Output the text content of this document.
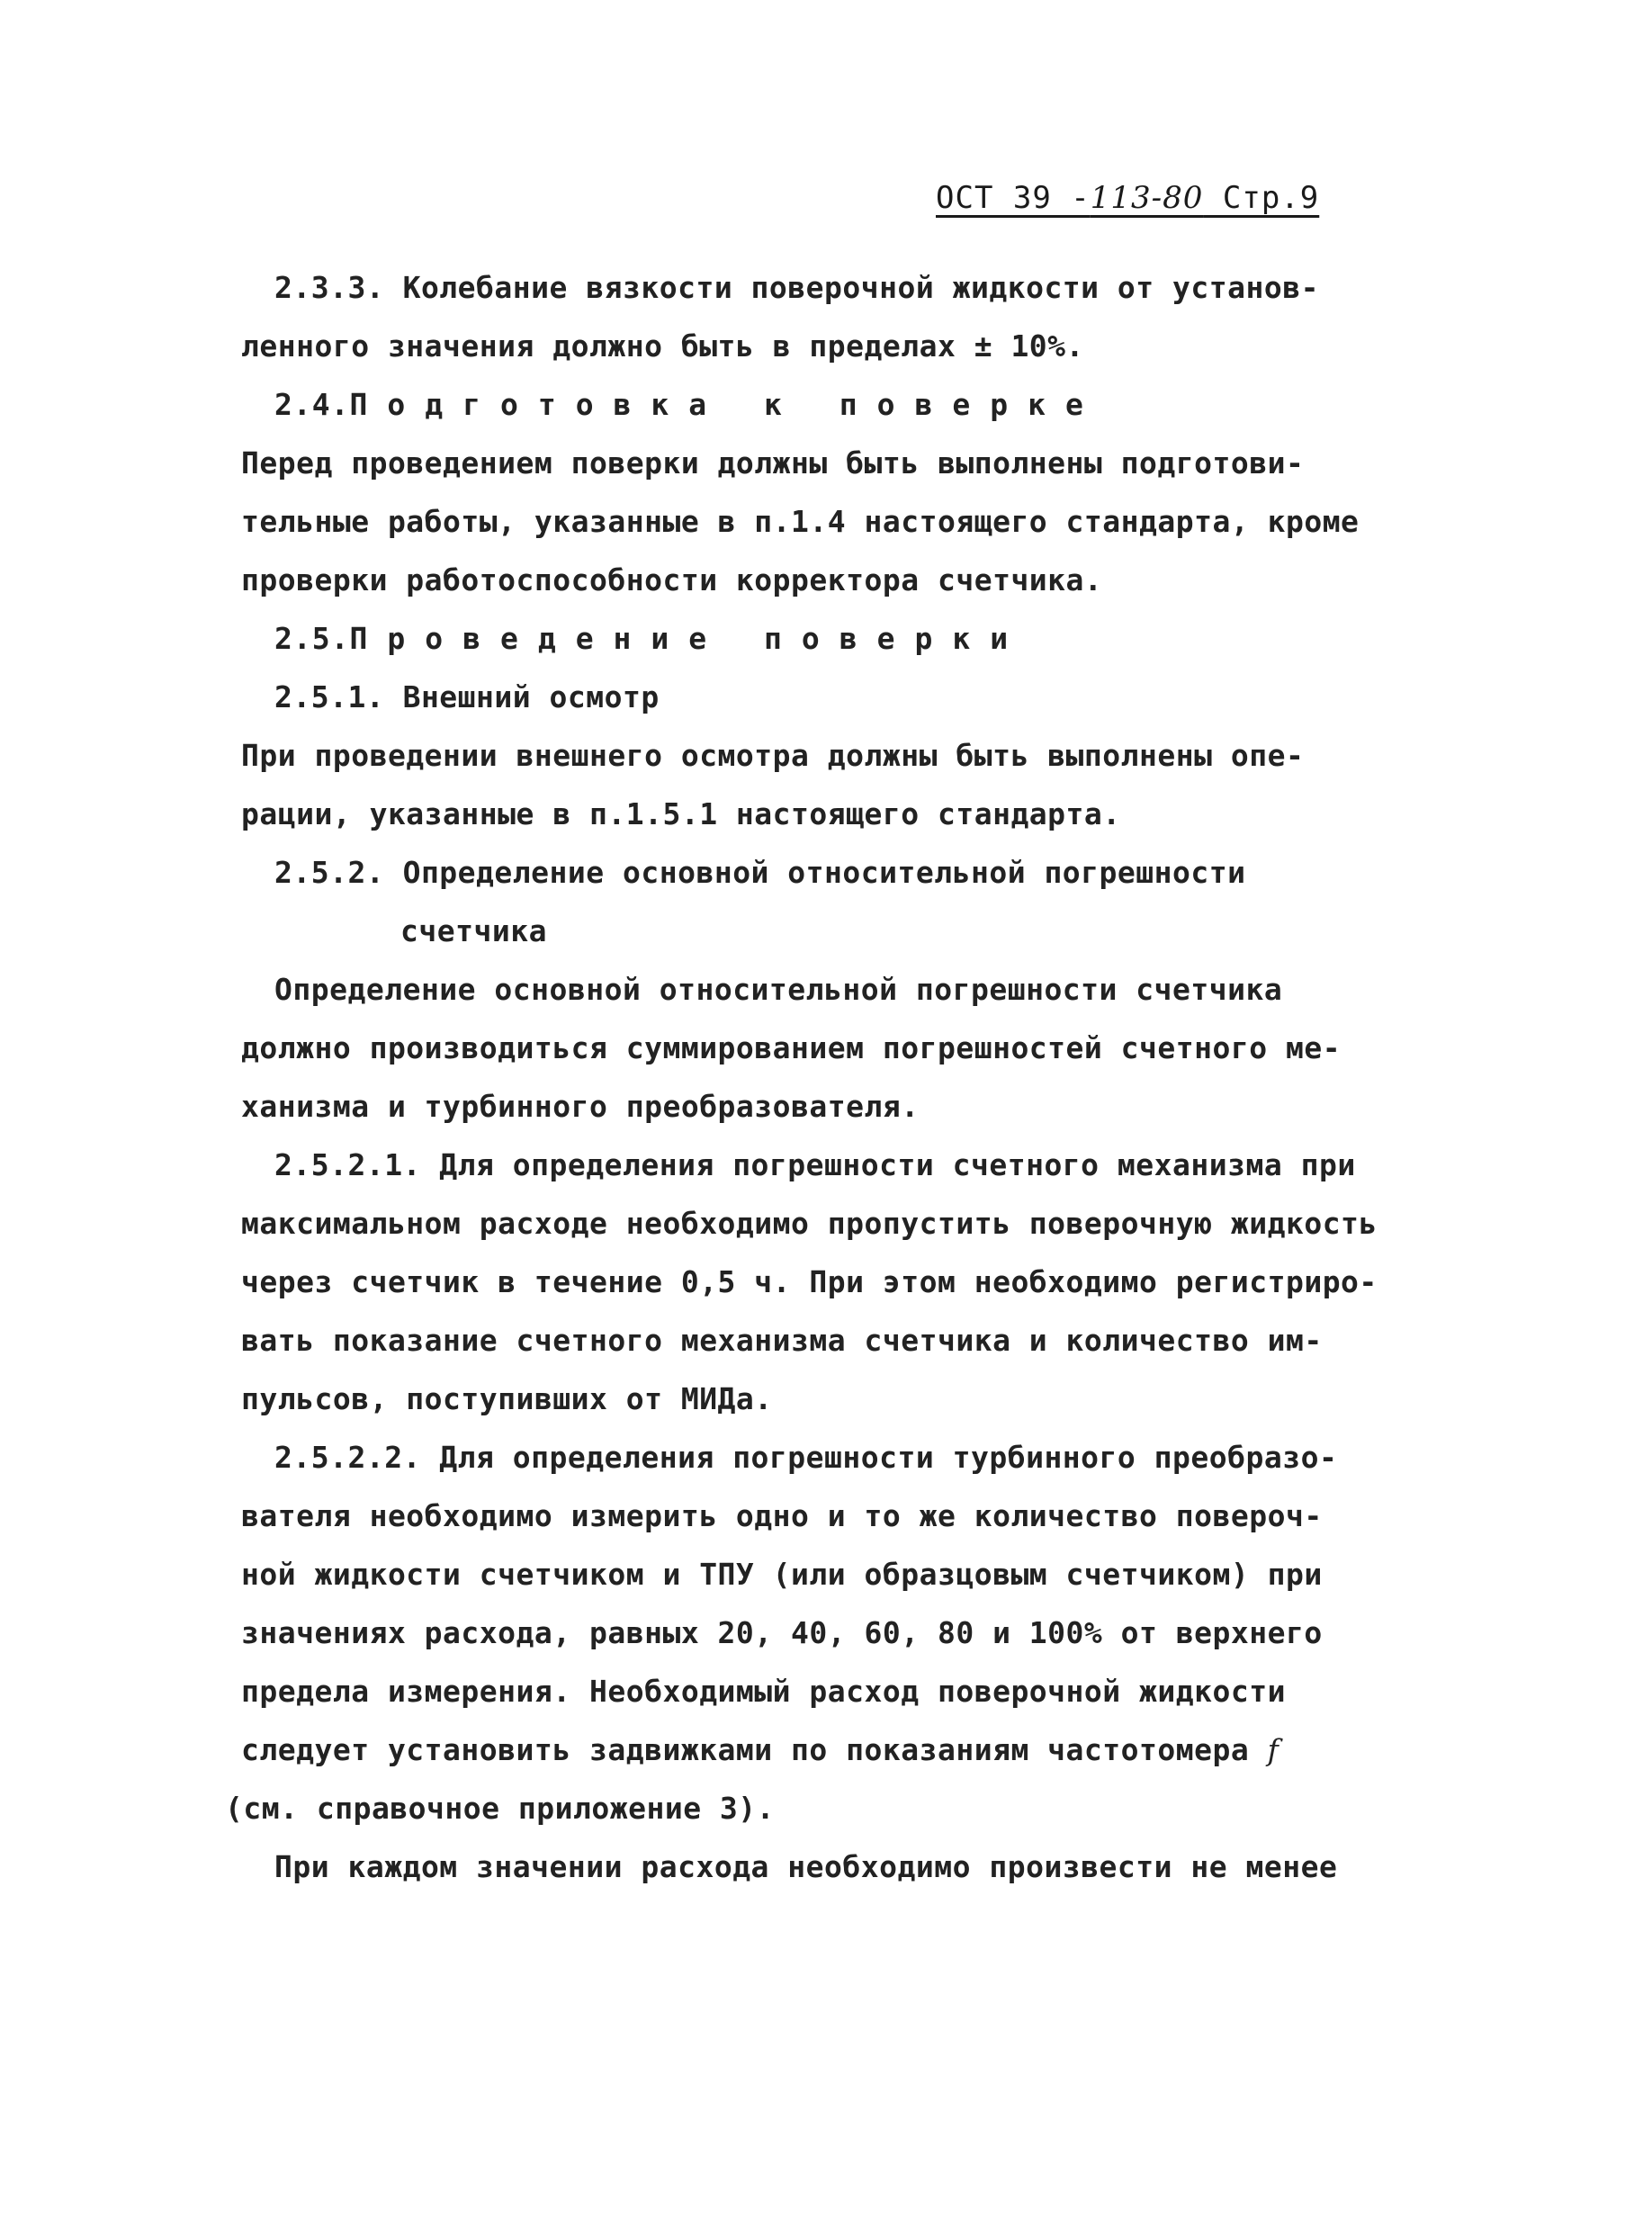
ОСТ 39 -113-80 Стр.9
2.3.3. Колебание вязкости поверочной жидкости от установ-
ленного значения должно быть в пределах ± 10%.
2.4.Подготовка к поверке
Перед проведением поверки должны быть выполнены подготови-
тельные работы, указанные в п.1.4 настоящего стандарта, кроме
проверки работоспособности корректора счетчика.
2.5.Проведение поверки
2.5.1. Внешний осмотр
При проведении внешнего осмотра должны быть выполнены опе-
рации, указанные в п.1.5.1 настоящего стандарта.
2.5.2. Определение основной относительной погрешности
счетчика
Определение основной относительной погрешности счетчика
должно производиться суммированием погрешностей счетного ме-
ханизма и турбинного преобразователя.
2.5.2.1. Для определения погрешности счетного механизма при
максимальном расходе необходимо пропустить поверочную жидкость
через счетчик в течение 0,5 ч. При этом необходимо регистриро-
вать показание счетного механизма счетчика и количество им-
пульсов, поступивших от МИДа.
2.5.2.2. Для определения погрешности турбинного преобразо-
вателя необходимо измерить одно и то же количество повероч-
ной жидкости счетчиком и ТПУ (или образцовым счетчиком) при
значениях расхода, равных 20, 40, 60, 80 и 100% от верхнего
предела измерения. Необходимый расход поверочной жидкости
следует установить задвижками по показаниям частотомера f
(см. справочное приложение 3).
При каждом значении расхода необходимо произвести не менее
